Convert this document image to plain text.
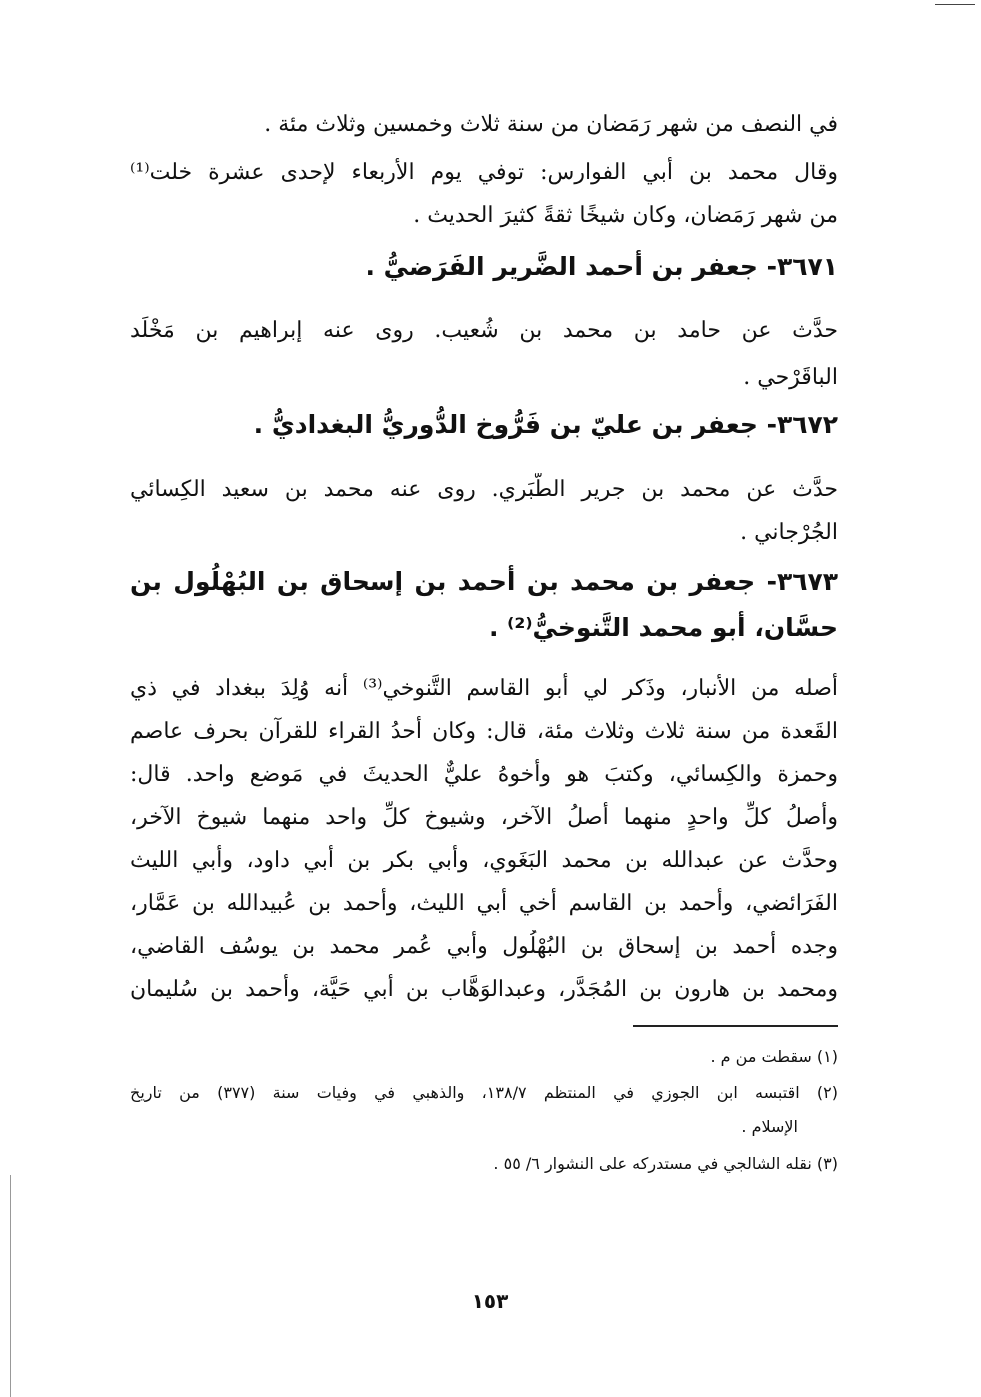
في النصف من شهر رَمَضان من سنة ثلاث وخمسين وثلاث مئة .
وقال محمد بن أبي الفوارس: توفي يوم الأربعاء لإحدى عشرة خلت⁽¹⁾
من شهر رَمَضان، وكان شيخًا ثقةً كثيرَ الحديث .
٣٦٧١- جعفر بن أحمد الضَّرير الفَرَضيُّ .
حدَّث عن حامد بن محمد بن شُعيب. روى عنه إبراهيم بن مَخْلَد
الباقَرْحي .
٣٦٧٢- جعفر بن عليّ بن فَرُّوخ الدُّوريُّ البغداديُّ .
حدَّث عن محمد بن جرير الطَّبَري. روى عنه محمد بن سعيد الكِسائي
الجُرْجاني .
٣٦٧٣- جعفر بن محمد بن أحمد بن إسحاق بن البُهْلُول بن
حسَّان، أبو محمد التَّنوخيُّ⁽²⁾ .
أصله من الأنبار، وذَكر لي أبو القاسم التَّنوخي⁽³⁾ أنه وُلِدَ ببغداد في ذي
القَعدة من سنة ثلاث وثلاث مئة، قال: وكان أحدُ القراء للقرآن بحرف عاصم
وحمزة والكِسائي، وكتبَ هو وأخوهُ عليٌّ الحديثَ في مَوضع واحد. قال:
وأصلُ كلِّ واحدٍ منهما أصلُ الآخر، وشيوخ كلِّ واحد منهما شيوخ الآخر،
وحدَّث عن عبدالله بن محمد البَغَوي، وأبي بكر بن أبي داود، وأبي الليث
الفَرَائضي، وأحمد بن القاسم أخي أبي الليث، وأحمد بن عُبيدالله بن عَمَّار،
وجده أحمد بن إسحاق بن البُهْلُول وأبي عُمر محمد بن يوسُف القاضي،
ومحمد بن هارون بن المُجَدَّر، وعبدالوَهَّاب بن أبي حَيَّة، وأحمد بن سُليمان
(١) سقطت من م .
(٢) اقتبسه ابن الجوزي في المنتظم ١٣٨/٧، والذهبي في وفيات سنة (٣٧٧) من تاريخ
الإسلام .
(٣) نقله الشالجي في مستدركه على النشوار ٦/ ٥٥ .
١٥٣
